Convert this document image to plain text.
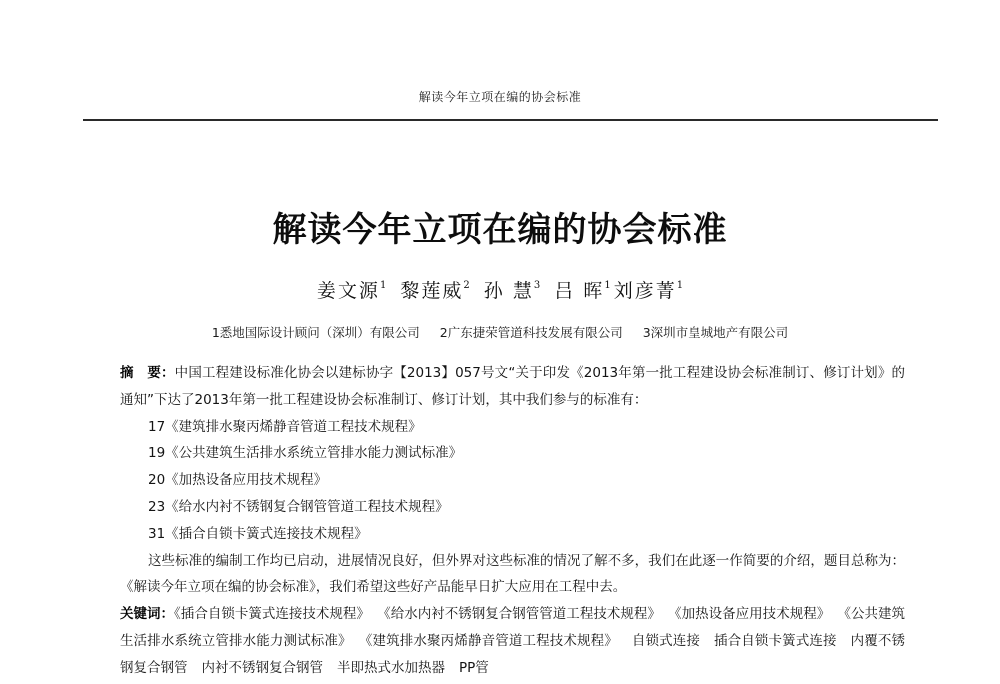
解读今年立项在编的协会标准
解读今年立项在编的协会标准
姜文源$^1$ 黎莲威$^2$ 孙 慧$^3$ 吕 晖$^1$ 刘彦菁$^1$
1悉地国际设计顾问（深圳）有限公司 2广东捷荣管道科技发展有限公司 3深圳市皇城地产有限公司

摘　要：中国工程建设标准化协会以建标协字【2013】057号文“关于印发《2013年第一批工程建设协会标准制订、修订计划》的通知”下达了2013年第一批工程建设协会标准制订、修订计划，其中我们参与的标准有：

17《建筑排水聚丙烯静音管道工程技术规程》
19《公共建筑生活排水系统立管排水能力测试标准》
20《加热设备应用技术规程》
23《给水内衬不锈钢复合钢管管道工程技术规程》
31《插合自锁卡簧式连接技术规程》

这些标准的编制工作均已启动，进展情况良好，但外界对这些标准的情况了解不多，我们在此逐一作简要的介绍，题目总称为：《解读今年立项在编的协会标准》，我们希望这些好产品能早日扩大应用在工程中去。

关键词：《插合自锁卡簧式连接技术规程》 《给水内衬不锈钢复合钢管管道工程技术规程》 《加热设备应用技术规程》 《公共建筑生活排水系统立管排水能力测试标准》 《建筑排水聚丙烯静音管道工程技术规程》 自锁式连接 插合自锁卡簧式连接 内覆不锈钢复合钢管 内衬不锈钢复合钢管 半即热式水加热器 PP管
